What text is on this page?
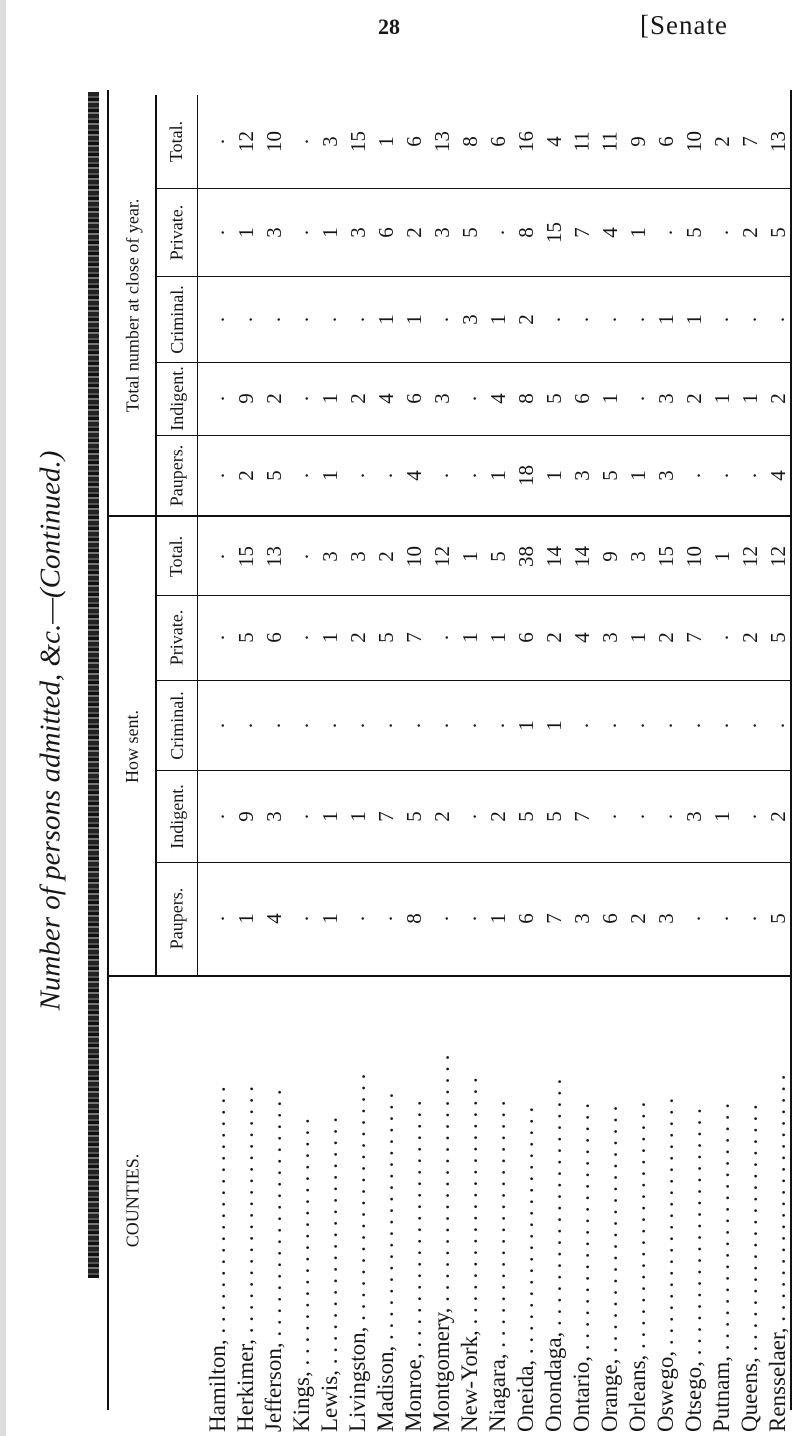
28	[Senate
Number of persons admitted, &c.—(Continued.)
Total number at close of year.
How sent.
COUNTIES.
Total. . 12 10 . 3 15 1 6 13 8 6 16 4 11 11 9 6 10 2 7 13
Private. . 1 3 . 1 3 6 2 3 5 . 8 15 7 4 1 . 5 . 2 5
Criminal. . . . . . . 1 1 . 3 1 2 . . . . 1 1 . . .
Indigent. . 9 2 . 1 2 4 6 3 . 4 8 5 6 1 . 3 2 1 1 2
Paupers. . 2 5 . 1 . . 4 . . 1 18 1 3 5 1 3 . . . 4
Total. . 15 13 . 3 3 2 10 12 1 5 38 14 14 9 3 15 10 1 12 12
Private. . 5 6 . 1 2 5 7 . 1 1 6 2 4 3 1 2 7 . 2 5
Criminal. . . . . . . . . . . . 1 1 . . . . . . . .
Indigent. . 9 3 . 1 1 7 5 2 . 2 5 5 7 . . . 3 1 . 2
Paupers. . 1 4 . 1 . . 8 . . 1 6 7 3 6 2 3 . . . 5
Hamilton, . . . . . . . . . . . . . . . . . . . . . . Herkimer, . . . . . . . . . . . . . . . . . . . . . . Jefferson, . . . . . . . . . . . . . . . . . . . . . . Kings, . . . . . . . . . . . . . . . . . . . . . . Lewis, . . . . . . . . . . . . . . . . . . . . . . Livingston, . . . . . . . . . . . . . . . . . . . . . . Madison, . . . . . . . . . . . . . . . . . . . . . . Monroe, . . . . . . . . . . . . . . . . . . . . . . Montgomery, . . . . . . . . . . . . . . . . . . . . . . New-York, . . . . . . . . . . . . . . . . . . . . . . Niagara, . . . . . . . . . . . . . . . . . . . . . . Oneida, . . . . . . . . . . . . . . . . . . . . . . Onondaga, . . . . . . . . . . . . . . . . . . . . . . Ontario, . . . . . . . . . . . . . . . . . . . . . . Orange, . . . . . . . . . . . . . . . . . . . . . . Orleans, . . . . . . . . . . . . . . . . . . . . . . Oswego, . . . . . . . . . . . . . . . . . . . . . . Otsego, . . . . . . . . . . . . . . . . . . . . . . Putnam, . . . . . . . . . . . . . . . . . . . . . . Queens, . . . . . . . . . . . . . . . . . . . . . . Rensselaer, . . . . . . . . . . . . . . . . . . . . . .
